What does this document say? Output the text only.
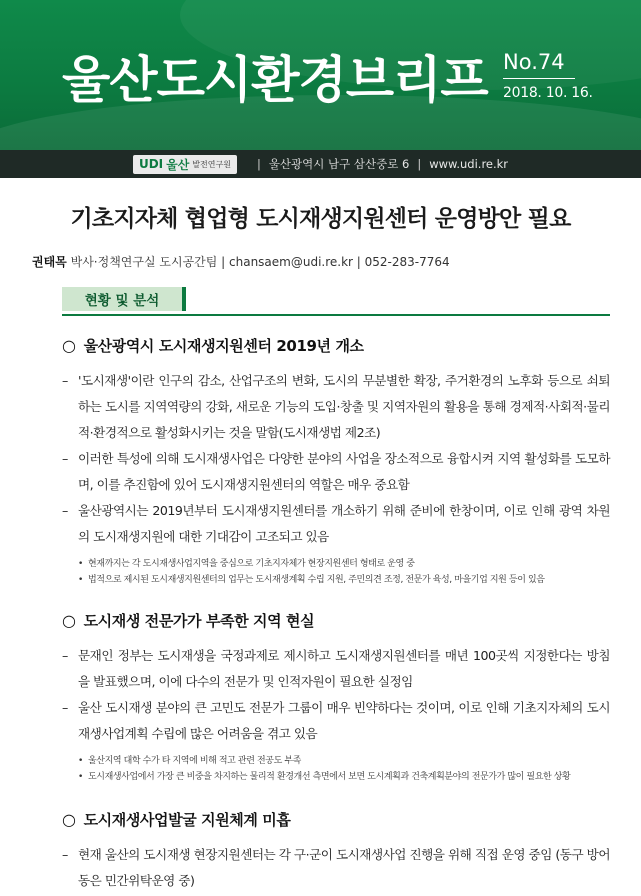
울산도시환경브리프 No.74
2018. 10. 16.
UDI 울산 발전연구원 | 울산광역시 남구 삼산중로 6 | www.udi.re.kr
기초지자체 협업형 도시재생지원센터 운영방안 필요
권태목 박사·정책연구실 도시공간팀 | chansaem@udi.re.kr | 052-283-7764
현황 및 분석
○ 울산광역시 도시재생지원센터 2019년 개소
– '도시재생'이란 인구의 감소, 산업구조의 변화, 도시의 무분별한 확장, 주거환경의 노후화 등으로 쇠퇴하는 도시를 지역역량의 강화, 새로운 기능의 도입·창출 및 지역자원의 활용을 통해 경제적·사회적·물리적·환경적으로 활성화시키는 것을 말함(도시재생법 제2조)
– 이러한 특성에 의해 도시재생사업은 다양한 분야의 사업을 장소적으로 융합시켜 지역 활성화를 도모하며, 이를 추진함에 있어 도시재생지원센터의 역할은 매우 중요함
– 울산광역시는 2019년부터 도시재생지원센터를 개소하기 위해 준비에 한창이며, 이로 인해 광역 차원의 도시재생지원에 대한 기대감이 고조되고 있음
• 현재까지는 각 도시재생사업지역을 중심으로 기초지자체가 현장지원센터 형태로 운영 중
• 법적으로 제시된 도시재생지원센터의 업무는 도시재생계획 수립 지원, 주민의견 조정, 전문가 육성, 마을기업 지원 등이 있음
○ 도시재생 전문가가 부족한 지역 현실
– 문재인 정부는 도시재생을 국정과제로 제시하고 도시재생지원센터를 매년 100곳씩 지정한다는 방침을 발표했으며, 이에 다수의 전문가 및 인적자원이 필요한 실정임
– 울산 도시재생 분야의 큰 고민도 전문가 그룹이 매우 빈약하다는 것이며, 이로 인해 기초지자체의 도시재생사업계획 수립에 많은 어려움을 겪고 있음
• 울산지역 대학 수가 타 지역에 비해 적고 관련 전공도 부족
• 도시재생사업에서 가장 큰 비중을 차지하는 물리적 환경개선 측면에서 보면 도시계획과 건축계획분야의 전문가가 많이 필요한 상황
○ 도시재생사업발굴 지원체계 미흡
– 현재 울산의 도시재생 현장지원센터는 각 구·군이 도시재생사업 진행을 위해 직접 운영 중임 (동구 방어동은 민간위탁운영 중)
